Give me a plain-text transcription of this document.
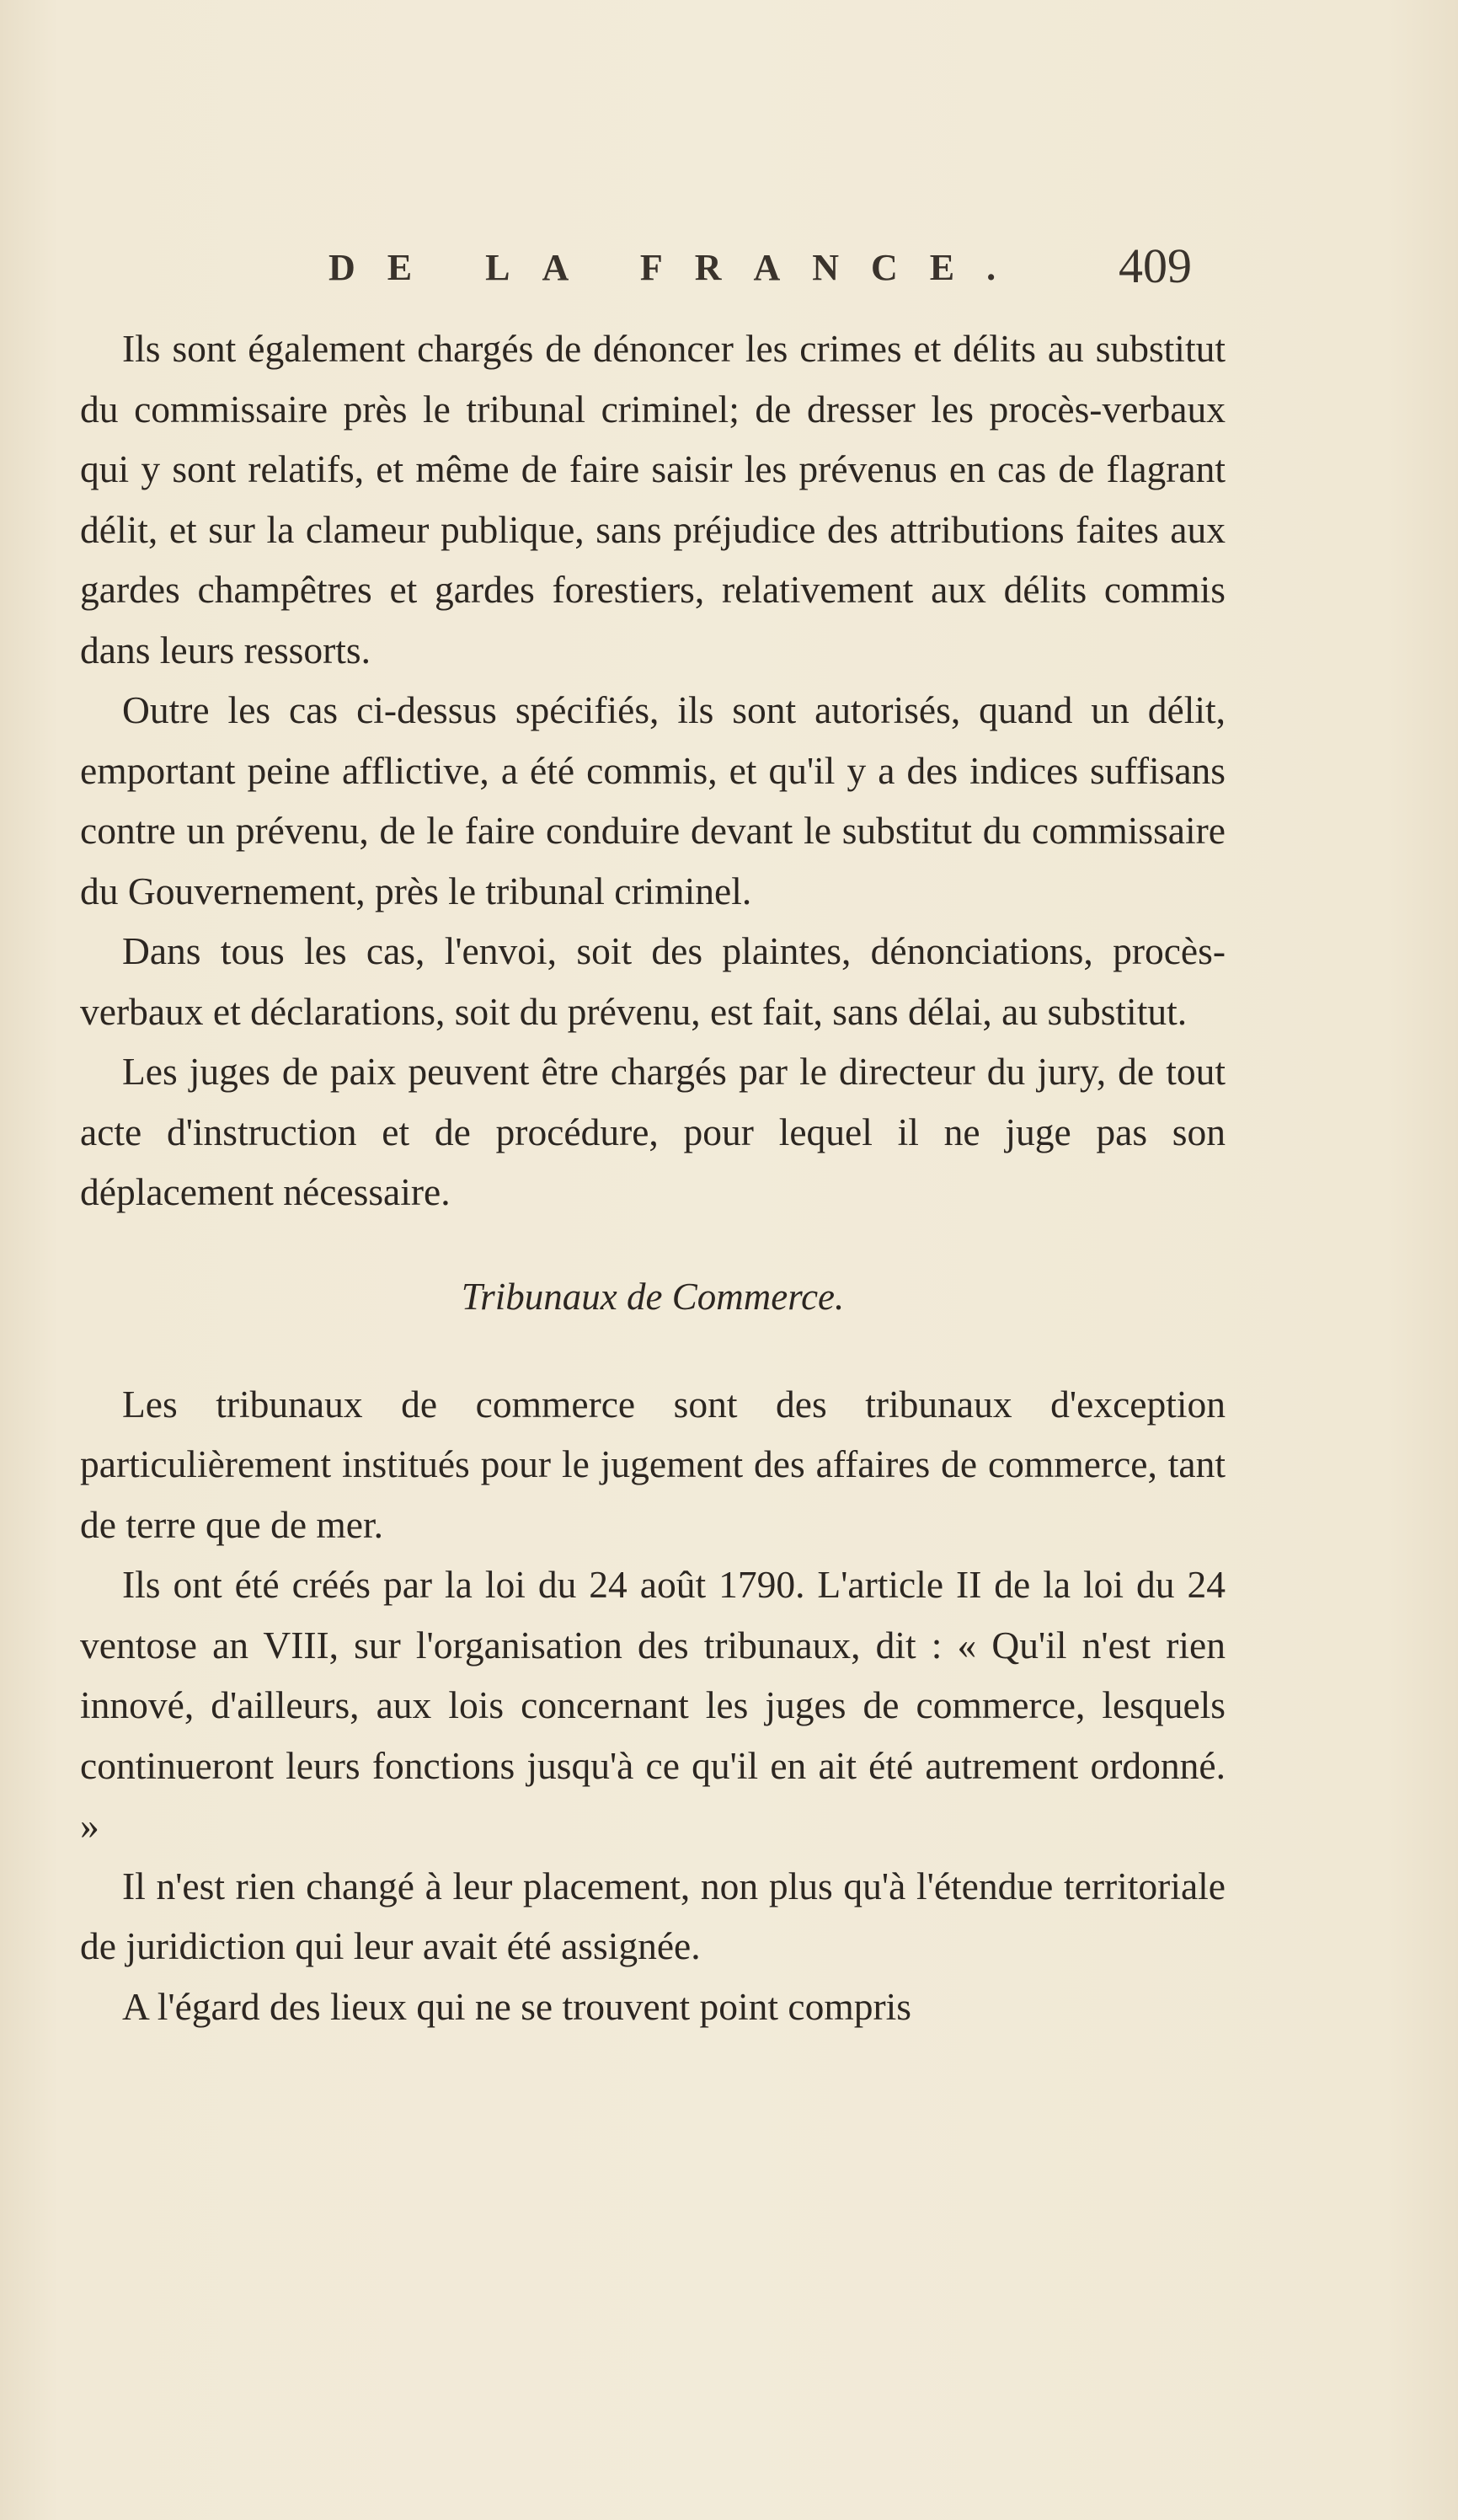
DE LA FRANCE. 409

Ils sont également chargés de dénoncer les crimes et délits au substitut du commissaire près le tribunal criminel; de dresser les procès-verbaux qui y sont relatifs, et même de faire saisir les prévenus en cas de flagrant délit, et sur la clameur publique, sans préjudice des attributions faites aux gardes champêtres et gardes forestiers, relativement aux délits commis dans leurs ressorts.

Outre les cas ci-dessus spécifiés, ils sont autorisés, quand un délit, emportant peine afflictive, a été commis, et qu'il y a des indices suffisans contre un prévenu, de le faire conduire devant le substitut du commissaire du Gouvernement, près le tribunal criminel.

Dans tous les cas, l'envoi, soit des plaintes, dénonciations, procès-verbaux et déclarations, soit du prévenu, est fait, sans délai, au substitut.

Les juges de paix peuvent être chargés par le directeur du jury, de tout acte d'instruction et de procédure, pour lequel il ne juge pas son déplacement nécessaire.

Tribunaux de Commerce.

Les tribunaux de commerce sont des tribunaux d'exception particulièrement institués pour le jugement des affaires de commerce, tant de terre que de mer.

Ils ont été créés par la loi du 24 août 1790. L'article II de la loi du 24 ventose an VIII, sur l'organisation des tribunaux, dit : « Qu'il n'est rien innové, d'ailleurs, aux lois concernant les juges de commerce, lesquels continueront leurs fonctions jusqu'à ce qu'il en ait été autrement ordonné. »

Il n'est rien changé à leur placement, non plus qu'à l'étendue territoriale de juridiction qui leur avait été assignée.

A l'égard des lieux qui ne se trouvent point compris
